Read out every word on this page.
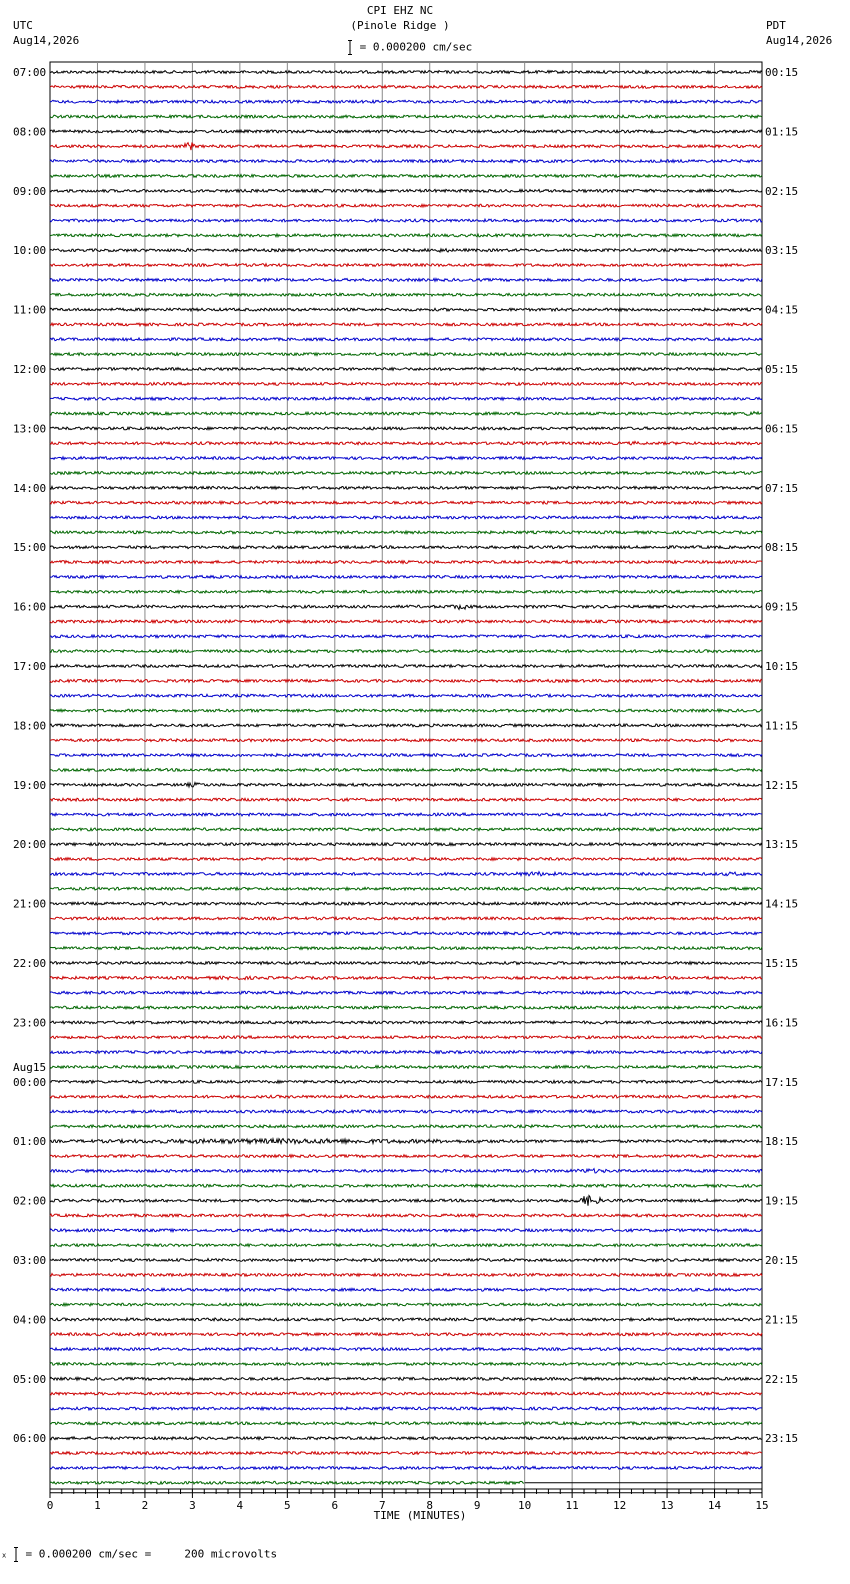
07:00
08:00
09:00
10:00
11:00
12:00
13:00
14:00
15:00
16:00
17:00
18:00
19:00
20:00
21:00
22:00
23:00
Aug15
00:00
01:00
02:00
03:00
04:00
05:00
06:00
00:15
01:15
02:15
03:15
04:15
05:15
06:15
07:15
08:15
09:15
10:15
11:15
12:15
13:15
14:15
15:15
16:15
17:15
18:15
19:15
20:15
21:15
22:15
23:15
0	1	2	3	4	5	6	7	8	9	10	11	12	13	14	15
UTC
Aug14,2026
PDT
Aug14,2026
CPI EHZ NC
(Pinole Ridge )
= 0.000200 cm/sec
TIME (MINUTES)
x = 0.000200 cm/sec =     200 microvolts
